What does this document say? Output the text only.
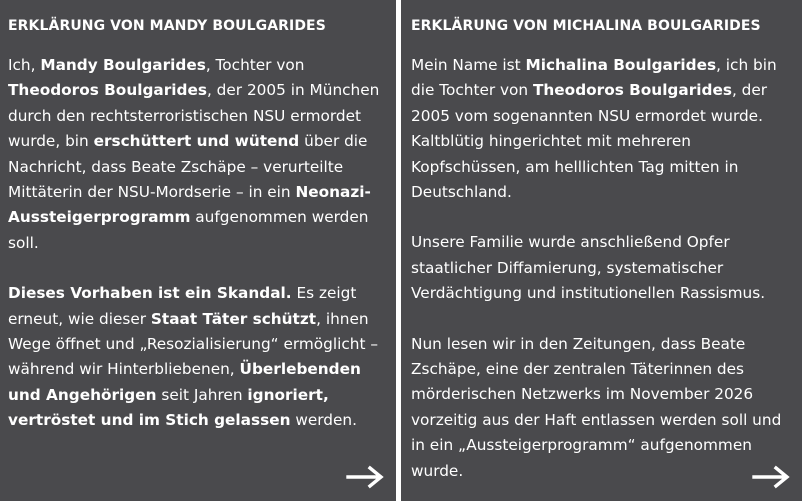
ERKLÄRUNG VON MANDY BOULGARIDES
Ich, Mandy Boulgarides, Tochter von Theodoros Boulgarides, der 2005 in München durch den rechtsterroristischen NSU ermordet wurde, bin erschüttert und wütend über die Nachricht, dass Beate Zschäpe – verurteilte Mittäterin der NSU-Mordserie – in ein Neonazi-Aussteigerprogramm aufgenommen werden soll.
Dieses Vorhaben ist ein Skandal. Es zeigt erneut, wie dieser Staat Täter schützt, ihnen Wege öffnet und „Resozialisierung“ ermöglicht – während wir Hinterbliebenen, Überlebenden und Angehörigen seit Jahren ignoriert, vertröstet und im Stich gelassen werden.
ERKLÄRUNG VON MICHALINA BOULGARIDES
Mein Name ist Michalina Boulgarides, ich bin die Tochter von Theodoros Boulgarides, der 2005 vom sogenannten NSU ermordet wurde. Kaltblütig hingerichtet mit mehreren Kopfschüssen, am helllichten Tag mitten in Deutschland.
Unsere Familie wurde anschließend Opfer staatlicher Diffamierung, systematischer Verdächtigung und institutionellen Rassismus.
Nun lesen wir in den Zeitungen, dass Beate Zschäpe, eine der zentralen Täterinnen des mörderischen Netzwerks im November 2026 vorzeitig aus der Haft entlassen werden soll und in ein „Aussteigerprogramm“ aufgenommen wurde.
